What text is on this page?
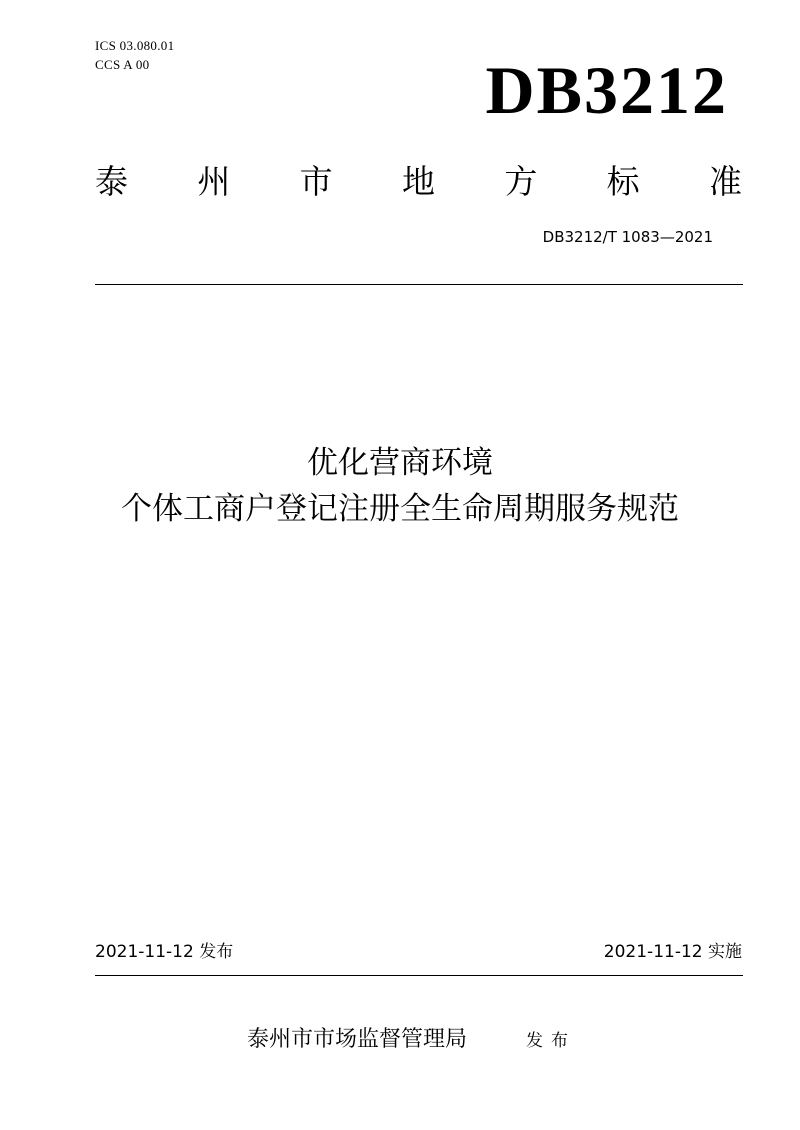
ICS 03.080.01
CCS A 00	DB3212
泰 州 市 地 方 标 准
DB3212/T 1083—2021
优化营商环境
个体工商户登记注册全生命周期服务规范
2021-11-12 发布	2021-11-12 实施
泰州市市场监督管理局	发布
